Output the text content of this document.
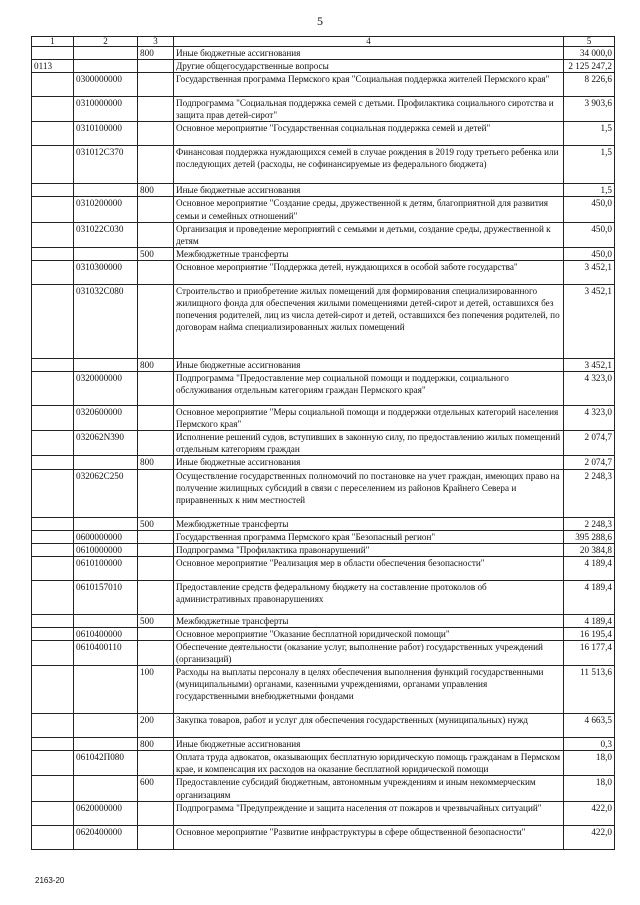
5
1	2	3	4	5
		800	Иные бюджетные ассигнования	34 000,0
0113			Другие общегосударственные вопросы	2 125 247,2
	0300000000		Государственная программа Пермского края "Социальная поддержка жителей Пермского края"	8 226,6
	0310000000		Подпрограмма "Социальная поддержка семей с детьми. Профилактика социального сиротства и защита прав детей-сирот"	3 903,6
	0310100000		Основное мероприятие "Государственная социальная поддержка семей и детей"	1,5
	031012С370		Финансовая поддержка нуждающихся семей в случае рождения в 2019 году третьего ребенка или последующих детей (расходы, не софинансируемые из федерального бюджета)	1,5
		800	Иные бюджетные ассигнования	1,5
	0310200000		Основное мероприятие "Создание среды, дружественной к детям, благоприятной для развития семьи и семейных отношений"	450,0
	031022С030		Организация и проведение мероприятий с семьями и детьми, создание среды, дружественной к детям	450,0
		500	Межбюджетные трансферты	450,0
	0310300000		Основное мероприятие "Поддержка детей, нуждающихся в особой заботе государства"	3 452,1
	031032С080		Строительство и приобретение жилых помещений для формирования специализированного жилищного фонда для обеспечения жилыми помещениями детей-сирот и детей, оставшихся без попечения родителей, лиц из числа детей-сирот и детей, оставшихся без попечения родителей, по договорам найма специализированных жилых помещений	3 452,1
		800	Иные бюджетные ассигнования	3 452,1
	0320000000		Подпрограмма "Предоставление мер социальной помощи и поддержки, социального обслуживания отдельным категориям граждан Пермского края"	4 323,0
	0320600000		Основное мероприятие "Меры социальной помощи и поддержки отдельных категорий населения Пермского края"	4 323,0
	032062N390		Исполнение решений судов, вступивших в законную силу, по предоставлению жилых помещений отдельным категориям граждан	2 074,7
		800	Иные бюджетные ассигнования	2 074,7
	032062С250		Осуществление государственных полномочий по постановке на учет граждан, имеющих право на получение жилищных субсидий в связи с переселением из районов Крайнего Севера и приравненных к ним местностей	2 248,3
		500	Межбюджетные трансферты	2 248,3
	0600000000		Государственная программа Пермского края "Безопасный регион"	395 288,6
	0610000000		Подпрограмма "Профилактика правонарушений"	20 384,8
	0610100000		Основное мероприятие "Реализация мер в области обеспечения безопасности"	4 189,4
	0610157010		Предоставление средств федеральному бюджету на составление протоколов об административных правонарушениях	4 189,4
		500	Межбюджетные трансферты	4 189,4
	0610400000		Основное мероприятие "Оказание бесплатной юридической помощи"	16 195,4
	0610400110		Обеспечение деятельности (оказание услуг, выполнение работ) государственных учреждений (организаций)	16 177,4
		100	Расходы на выплаты персоналу в целях обеспечения выполнения функций государственными (муниципальными) органами, казенными учреждениями, органами управления государственными внебюджетными фондами	11 513,6
		200	Закупка товаров, работ и услуг для обеспечения государственных (муниципальных) нужд	4 663,5
		800	Иные бюджетные ассигнования	0,3
	061042П080		Оплата труда адвокатов, оказывающих бесплатную юридическую помощь гражданам в Пермском крае, и компенсация их расходов на оказание бесплатной юридической помощи	18,0
		600	Предоставление субсидий бюджетным, автономным учреждениям и иным некоммерческим организациям	18,0
	0620000000		Подпрограмма "Предупреждение и защита населения от пожаров и чрезвычайных ситуаций"	422,0
	0620400000		Основное мероприятие "Развитие инфраструктуры в сфере общественной безопасности"	422,0
2163-20
